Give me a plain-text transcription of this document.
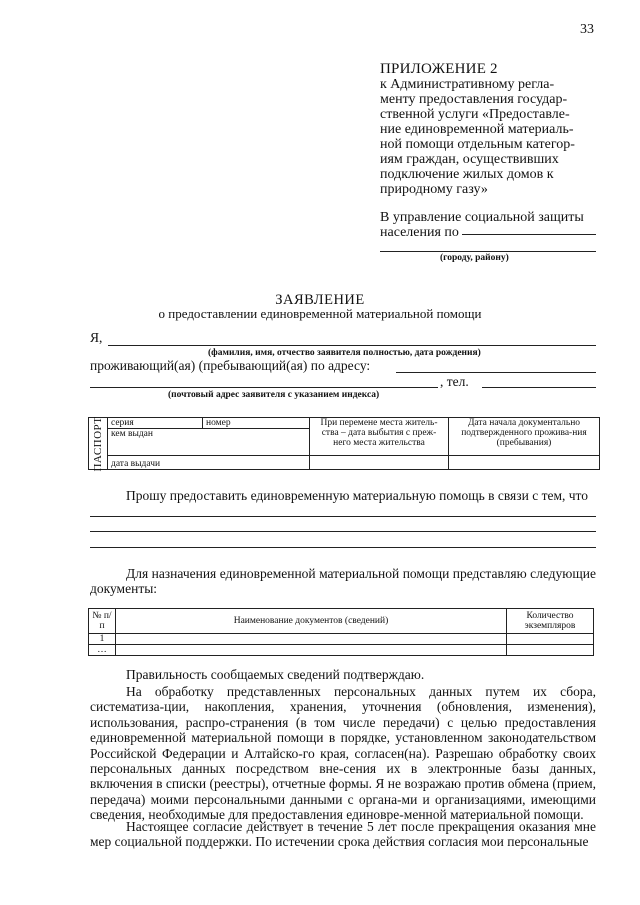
33
ПРИЛОЖЕНИЕ 2

к Административному регла-

менту предоставления государ-

ственной услуги «Предоставле-

ние единовременной материаль-

ной помощи отдельным категор-

иям граждан, осуществивших

подключение жилых домов к

природному газу»

В управление социальной защиты
населения по
(городу, району)
ЗАЯВЛЕНИЕ
о предоставлении единовременной материальной помощи
Я,
(фамилия, имя, отчество заявителя полностью, дата рождения)
проживающий(ая) (пребывающий(ая) по адресу:
, тел.
(почтовый адрес заявителя с указанием индекса)
ПАСПОРТ	серия	номер	При перемене места житель-ства – дата выбытия с преж-него места жительства	Дата начала документально подтвержденного прожива-ния (пребывания)
	кем выдан			
	дата выдачи			
Прошу предоставить единовременную материальную помощь в связи с тем, что
Для назначения единовременной материальной помощи представляю следующие
документы:
№ п/п	Наименование документов (сведений)	Количество экземпляров
1		
…		
Правильность сообщаемых сведений подтверждаю.

На обработку представленных персональных данных путем их сбора, систематиза-ции, накопления, хранения, уточнения (обновления, изменения), использования, распро-странения (в том числе передачи) с целью предоставления единовременной материальной помощи в порядке, установленном законодательством Российской Федерации и Алтайско-го края, согласен(на). Разрешаю обработку своих персональных данных посредством вне-сения их в электронные базы данных, включения в списки (реестры), отчетные формы. Я не возражаю против обмена (прием, передача) моими персональными данными с органа-ми и организациями, имеющими сведения, необходимые для предоставления единовре-менной материальной помощи.

Настоящее согласие действует в течение 5 лет после прекращения оказания мне мер социальной поддержки. По истечении срока действия согласия мои персональные
